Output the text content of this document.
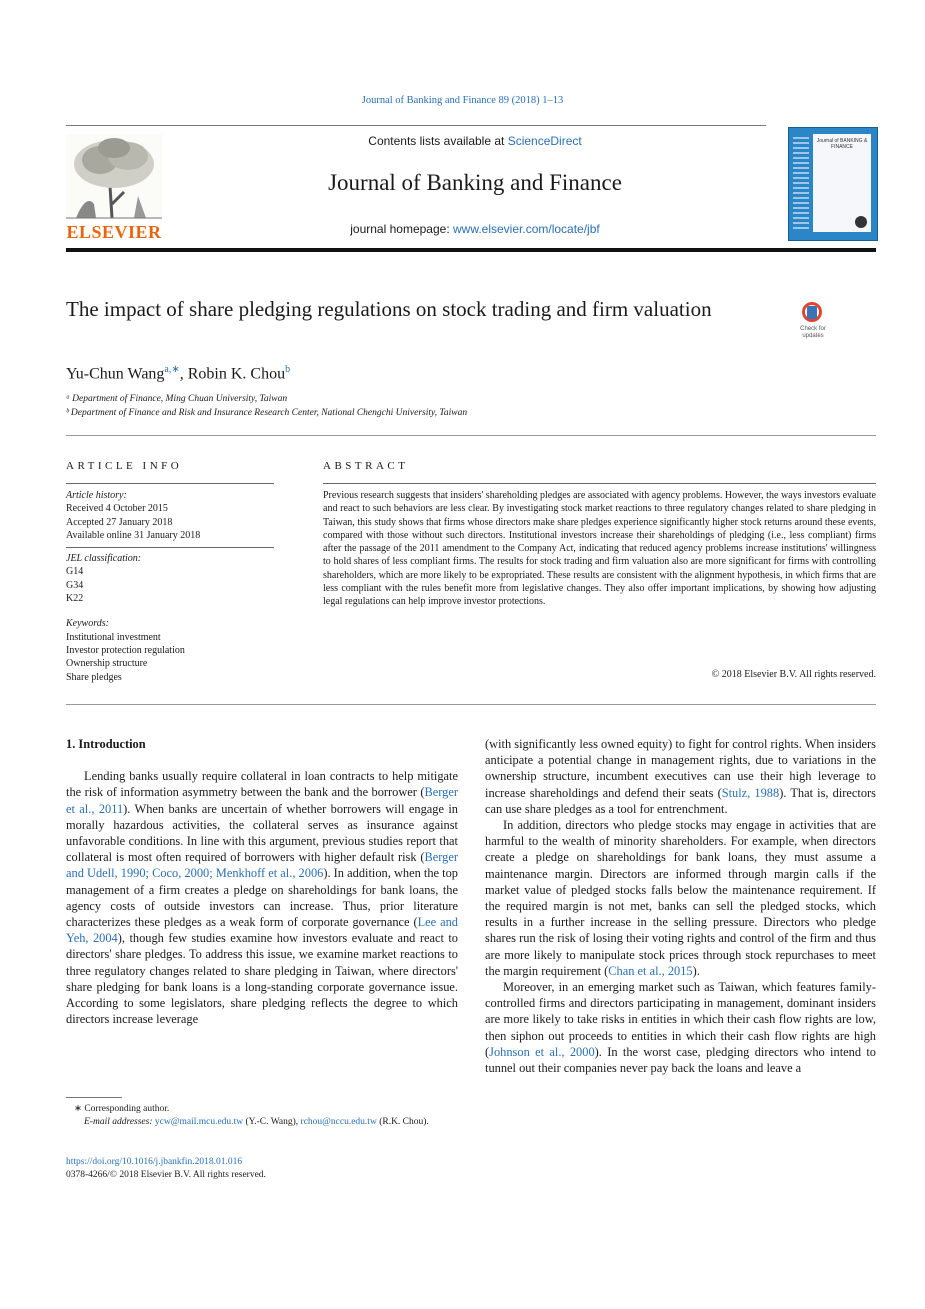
Journal of Banking and Finance 89 (2018) 1–13
ELSEVIER
Contents lists available at ScienceDirect
Journal of Banking and Finance
journal homepage: www.elsevier.com/locate/jbf
Journal of BANKING & FINANCE
The impact of share pledging regulations on stock trading and firm valuation
Check for updates
Yu-Chun Wang$^{a,∗}$, Robin K. Chou$^b$
ᵃ Department of Finance, Ming Chuan University, Taiwan
ᵇ Department of Finance and Risk and Insurance Research Center, National Chengchi University, Taiwan
ARTICLE INFO	ABSTRACT
Article history:
Received 4 October 2015
Accepted 27 January 2018
Available online 31 January 2018
JEL classification:
G14
G34
K22
Keywords:
Institutional investment
Investor protection regulation
Ownership structure
Share pledges
Previous research suggests that insiders' shareholding pledges are associated with agency problems. However, the ways investors evaluate and react to such behaviors are less clear. By investigating stock market reactions to three regulatory changes related to share pledging in Taiwan, this study shows that firms whose directors make share pledges experience significantly higher stock returns around these events, compared with those without such directors. Institutional investors increase their shareholdings of pledging (i.e., less compliant) firms after the passage of the 2011 amendment to the Company Act, indicating that reduced agency problems increase institutions' willingness to hold shares of less compliant firms. The results for stock trading and firm valuation also are more significant for firms with controlling shareholders, which are more likely to be expropriated. These results are consistent with the alignment hypothesis, in which firms that are less compliant with the rules benefit more from legislative changes. They also offer important implications, by showing how adjusting legal regulations can help improve investor protections.
© 2018 Elsevier B.V. All rights reserved.
1. Introduction

Lending banks usually require collateral in loan contracts to help mitigate the risk of information asymmetry between the bank and the borrower (Berger et al., 2011). When banks are uncertain of whether borrowers will engage in morally hazardous activities, the collateral serves as insurance against unfavorable conditions. In line with this argument, previous studies report that collateral is most often required of borrowers with higher default risk (Berger and Udell, 1990; Coco, 2000; Menkhoff et al., 2006). In addition, when the top management of a firm creates a pledge on shareholdings for bank loans, the agency costs of outside investors can increase. Thus, prior literature characterizes these pledges as a weak form of corporate governance (Lee and Yeh, 2004), though few studies examine how investors evaluate and react to directors' share pledges. To address this issue, we examine market reactions to three regulatory changes related to share pledging in Taiwan, where directors' share pledging for bank loans is a long-standing corporate governance issue. According to some legislators, share pledging reflects the degree to which directors increase leverage

(with significantly less owned equity) to fight for control rights. When insiders anticipate a potential change in management rights, due to variations in the ownership structure, incumbent executives can use their high leverage to increase shareholdings and defend their seats (Stulz, 1988). That is, directors can use share pledges as a tool for entrenchment.

In addition, directors who pledge stocks may engage in activities that are harmful to the wealth of minority shareholders. For example, when directors create a pledge on shareholdings for bank loans, they must assume a maintenance margin. Directors are informed through margin calls if the market value of pledged stocks falls below the maintenance requirement. If the required margin is not met, banks can sell the pledged stocks, which results in a further increase in the selling pressure. Directors who pledge shares run the risk of losing their voting rights and control of the firm and thus are more likely to manipulate stock prices through stock repurchases to meet the margin requirement (Chan et al., 2015).

Moreover, in an emerging market such as Taiwan, which features family-controlled firms and directors participating in management, dominant insiders are more likely to take risks in entities in which their cash flow rights are low, then siphon out proceeds to entities in which their cash flow rights are high (Johnson et al., 2000). In the worst case, pledging directors who intend to tunnel out their companies never pay back the loans and leave a

∗ Corresponding author.
E-mail addresses: ycw@mail.mcu.edu.tw (Y.-C. Wang), rchou@nccu.edu.tw (R.K. Chou).
https://doi.org/10.1016/j.jbankfin.2018.01.016
0378-4266/© 2018 Elsevier B.V. All rights reserved.
